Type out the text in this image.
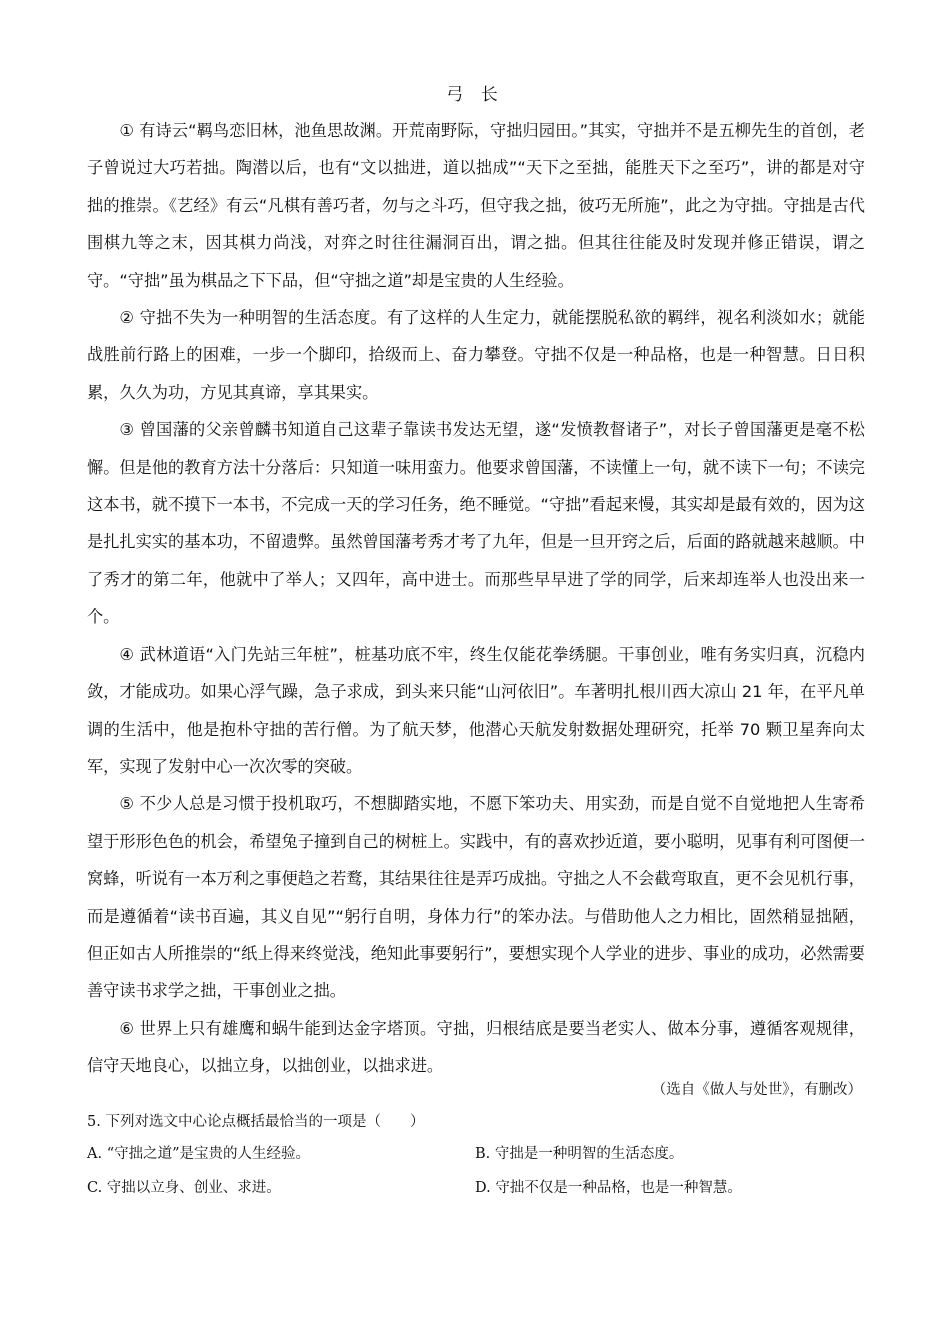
弓 长

① 有诗云“羁鸟恋旧林，池鱼思故渊。开荒南野际，守拙归园田。”其实，守拙并不是五柳先生的首创，老子曾说过大巧若拙。陶潜以后，也有“文以拙进，道以拙成”“天下之至拙，能胜天下之至巧”，讲的都是对守拙的推崇。《艺经》有云“凡棋有善巧者，勿与之斗巧，但守我之拙，彼巧无所施”，此之为守拙。守拙是古代围棋九等之末，因其棋力尚浅，对弈之时往往漏洞百出，谓之拙。但其往往能及时发现并修正错误，谓之守。“守拙”虽为棋品之下下品，但“守拙之道”却是宝贵的人生经验。

② 守拙不失为一种明智的生活态度。有了这样的人生定力，就能摆脱私欲的羁绊，视名利淡如水；就能战胜前行路上的困难，一步一个脚印，拾级而上、奋力攀登。守拙不仅是一种品格，也是一种智慧。日日积累，久久为功，方见其真谛，享其果实。

③ 曾国藩的父亲曾麟书知道自己这辈子靠读书发达无望，遂“发愤教督诸子”，对长子曾国藩更是毫不松懈。但是他的教育方法十分落后：只知道一味用蛮力。他要求曾国藩，不读懂上一句，就不读下一句；不读完这本书，就不摸下一本书，不完成一天的学习任务，绝不睡觉。“守拙”看起来慢，其实却是最有效的，因为这是扎扎实实的基本功，不留遗弊。虽然曾国藩考秀才考了九年，但是一旦开窍之后，后面的路就越来越顺。中了秀才的第二年，他就中了举人；又四年，高中进士。而那些早早进了学的同学，后来却连举人也没出来一个。

④ 武林道语“入门先站三年桩”，桩基功底不牢，终生仅能花拳绣腿。干事创业，唯有务实归真，沉稳内敛，才能成功。如果心浮气躁，急子求成，到头来只能“山河依旧”。车著明扎根川西大凉山 21 年，在平凡单调的生活中，他是抱朴守拙的苦行僧。为了航天梦，他潜心天航发射数据处理研究，托举 70 颗卫星奔向太军，实现了发射中心一次次零的突破。

⑤ 不少人总是习惯于投机取巧，不想脚踏实地，不愿下笨功夫、用实劲，而是自觉不自觉地把人生寄希望于形形色色的机会，希望兔子撞到自己的树桩上。实践中，有的喜欢抄近道，要小聪明，见事有利可图便一窝蜂，听说有一本万利之事便趋之若鹜，其结果往往是弄巧成拙。守拙之人不会截弯取直，更不会见机行事，而是遵循着“读书百遍，其义自见”“躬行自明，身体力行”的笨办法。与借助他人之力相比，固然稍显拙陋，但正如古人所推崇的“纸上得来终觉浅，绝知此事要躬行”，要想实现个人学业的进步、事业的成功，必然需要善守读书求学之拙，干事创业之拙。

⑥ 世界上只有雄鹰和蜗牛能到达金字塔顶。守拙，归根结底是要当老实人、做本分事，遵循客观规律，信守天地良心，以拙立身，以拙创业，以拙求进。

（选自《做人与处世》，有删改）
5. 下列对选文中心论点概括最恰当的一项是（　　）
A. “守拙之道”是宝贵的人生经验。	B. 守拙是一种明智的生活态度。
C. 守拙以立身、创业、求进。	D. 守拙不仅是一种品格，也是一种智慧。
